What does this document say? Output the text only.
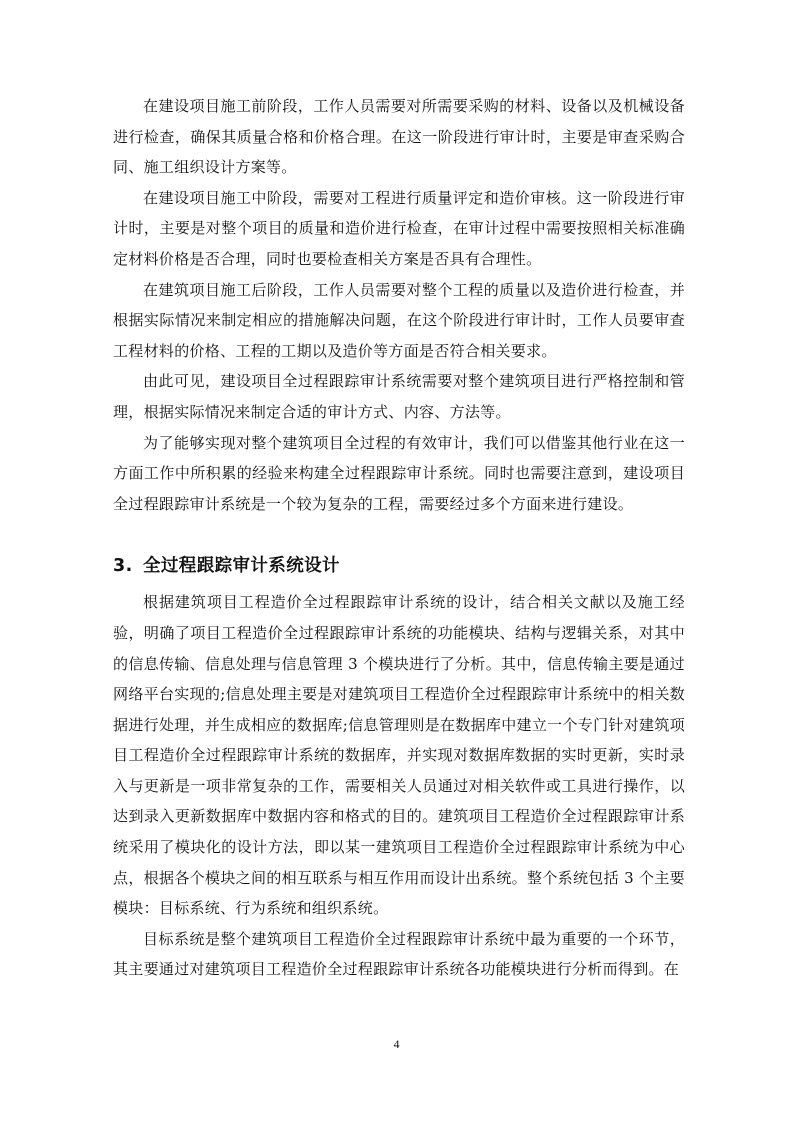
在建设项目施工前阶段，工作人员需要对所需要采购的材料、设备以及机械设备进行检查，确保其质量合格和价格合理。在这一阶段进行审计时，主要是审查采购合同、施工组织设计方案等。

在建设项目施工中阶段，需要对工程进行质量评定和造价审核。这一阶段进行审计时，主要是对整个项目的质量和造价进行检查，在审计过程中需要按照相关标准确定材料价格是否合理，同时也要检查相关方案是否具有合理性。

在建筑项目施工后阶段，工作人员需要对整个工程的质量以及造价进行检查，并根据实际情况来制定相应的措施解决问题，在这个阶段进行审计时，工作人员要审查工程材料的价格、工程的工期以及造价等方面是否符合相关要求。

由此可见，建设项目全过程跟踪审计系统需要对整个建筑项目进行严格控制和管理，根据实际情况来制定合适的审计方式、内容、方法等。

为了能够实现对整个建筑项目全过程的有效审计，我们可以借鉴其他行业在这一方面工作中所积累的经验来构建全过程跟踪审计系统。同时也需要注意到，建设项目全过程跟踪审计系统是一个较为复杂的工程，需要经过多个方面来进行建设。

3. 全过程跟踪审计系统设计

根据建筑项目工程造价全过程跟踪审计系统的设计，结合相关文献以及施工经验，明确了项目工程造价全过程跟踪审计系统的功能模块、结构与逻辑关系，对其中的信息传输、信息处理与信息管理 3 个模块进行了分析。其中，信息传输主要是通过网络平台实现的;信息处理主要是对建筑项目工程造价全过程跟踪审计系统中的相关数据进行处理，并生成相应的数据库;信息管理则是在数据库中建立一个专门针对建筑项目工程造价全过程跟踪审计系统的数据库，并实现对数据库数据的实时更新，实时录入与更新是一项非常复杂的工作，需要相关人员通过对相关软件或工具进行操作，以达到录入更新数据库中数据内容和格式的目的。建筑项目工程造价全过程跟踪审计系统采用了模块化的设计方法，即以某一建筑项目工程造价全过程跟踪审计系统为中心点，根据各个模块之间的相互联系与相互作用而设计出系统。整个系统包括 3 个主要模块：目标系统、行为系统和组织系统。

目标系统是整个建筑项目工程造价全过程跟踪审计系统中最为重要的一个环节，其主要通过对建筑项目工程造价全过程跟踪审计系统各功能模块进行分析而得到。在

4
